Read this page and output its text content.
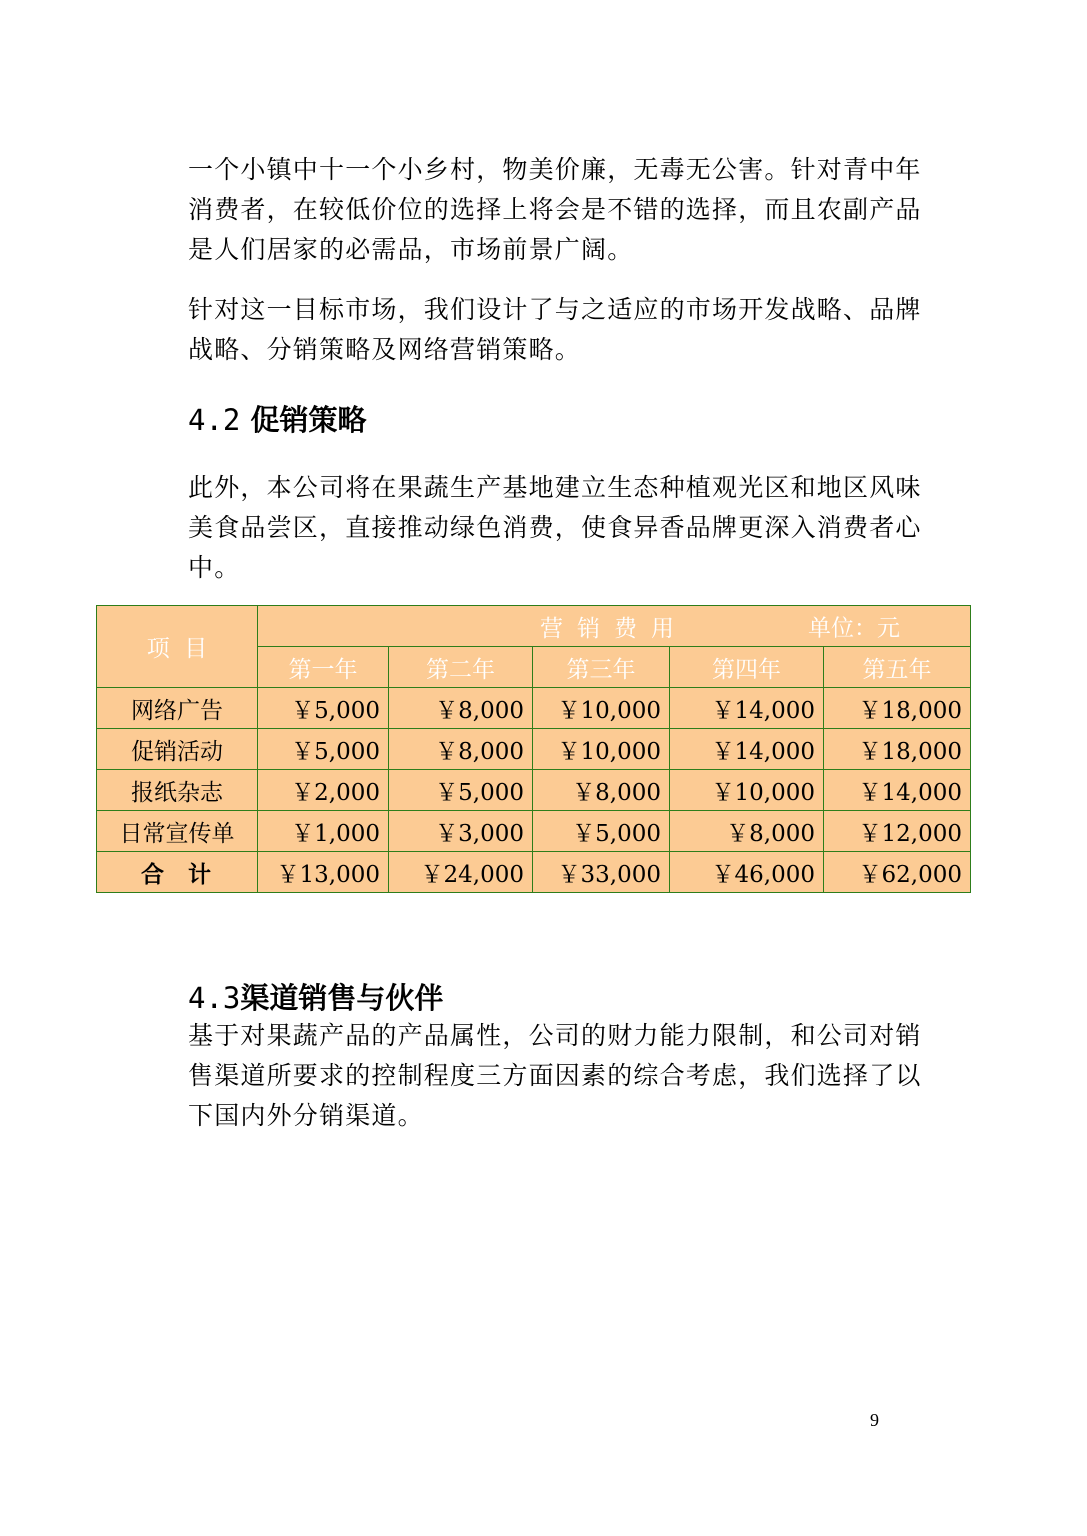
一个小镇中十一个小乡村，物美价廉，无毒无公害。针对青中年
消费者，在较低价位的选择上将会是不错的选择，而且农副产品
是人们居家的必需品，市场前景广阔。

针对这一目标市场，我们设计了与之适应的市场开发战略、品牌
战略、分销策略及网络营销策略。

4.2 促销策略

此外，本公司将在果蔬生产基地建立生态种植观光区和地区风味
美食品尝区，直接推动绿色消费，使食异香品牌更深入消费者心
中。

项  目	营销费用 单位：元				

	第一年	第二年	第三年	第四年	第五年
网络广告	￥5,000	￥8,000	￥10,000	￥14,000	￥18,000
促销活动	￥5,000	￥8,000	￥10,000	￥14,000	￥18,000
报纸杂志	￥2,000	￥5,000	￥8,000	￥10,000	￥14,000
日常宣传单	￥1,000	￥3,000	￥5,000	￥8,000	￥12,000
合计	￥13,000	￥24,000	￥33,000	￥46,000	￥62,000
4.3渠道销售与伙伴

基于对果蔬产品的产品属性，公司的财力能力限制，和公司对销
售渠道所要求的控制程度三方面因素的综合考虑，我们选择了以
下国内外分销渠道。

9
